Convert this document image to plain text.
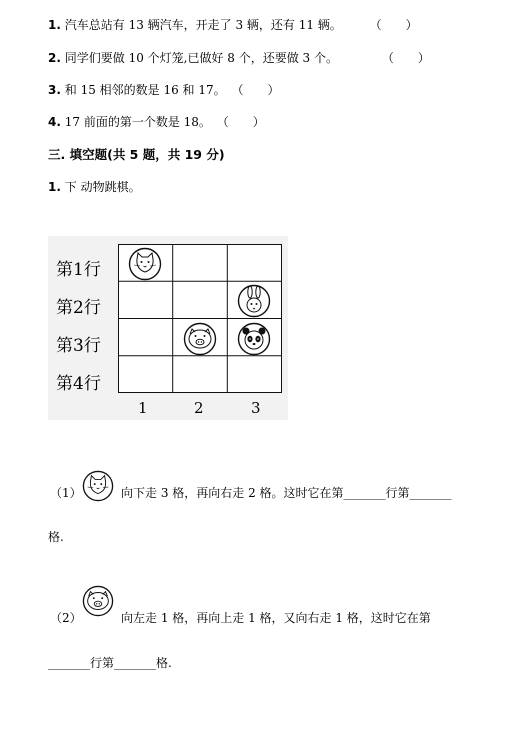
1. 汽车总站有 13 辆汽车，开走了 3 辆，还有 11 辆。 （　　）
2. 同学们要做 10 个灯笼,已做好 8 个，还要做 3 个。	（　　）
3. 和 15 相邻的数是 16 和 17。 （　　）
4. 17 前面的第一个数是 18。 （　　）
三. 填空题(共 5 题，共 19 分)
1. 下 动物跳棋。
第1行
第2行
第3行
第4行
1	2	3
（1）	向下走 3 格，再向右走 2 格。这时它在第_______行第_______
格.
（2）	向左走 1 格，再向上走 1 格，又向右走 1 格，这时它在第
_______行第_______格.
